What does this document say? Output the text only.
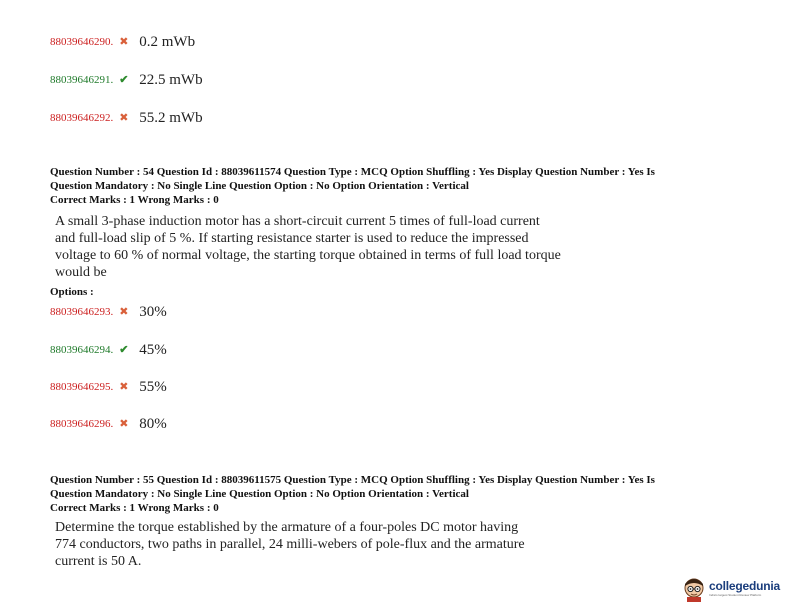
88039646290. ✖ 0.2 mWb
88039646291. ✔ 22.5 mWb
88039646292. ✖ 55.2 mWb
Question Number : 54 Question Id : 88039611574 Question Type : MCQ Option Shuffling : Yes Display Question Number : Yes Is
Question Mandatory : No Single Line Question Option : No Option Orientation : Vertical
Correct Marks : 1 Wrong Marks : 0
A small 3-phase induction motor has a short-circuit current 5 times of full-load current
and full-load slip of 5 %. If starting resistance starter is used to reduce the impressed
voltage to 60 % of normal voltage, the starting torque obtained in terms of full load torque
would be
Options :
88039646293. ✖ 30%
88039646294. ✔ 45%
88039646295. ✖ 55%
88039646296. ✖ 80%
Question Number : 55 Question Id : 88039611575 Question Type : MCQ Option Shuffling : Yes Display Question Number : Yes Is
Question Mandatory : No Single Line Question Option : No Option Orientation : Vertical
Correct Marks : 1 Wrong Marks : 0
Determine the torque established by the armature of a four-poles DC motor having
774 conductors, two paths in parallel, 24 milli-webers of pole-flux and the armature
current is 50 A.
collegedunia
India's largest Student Review Platform
